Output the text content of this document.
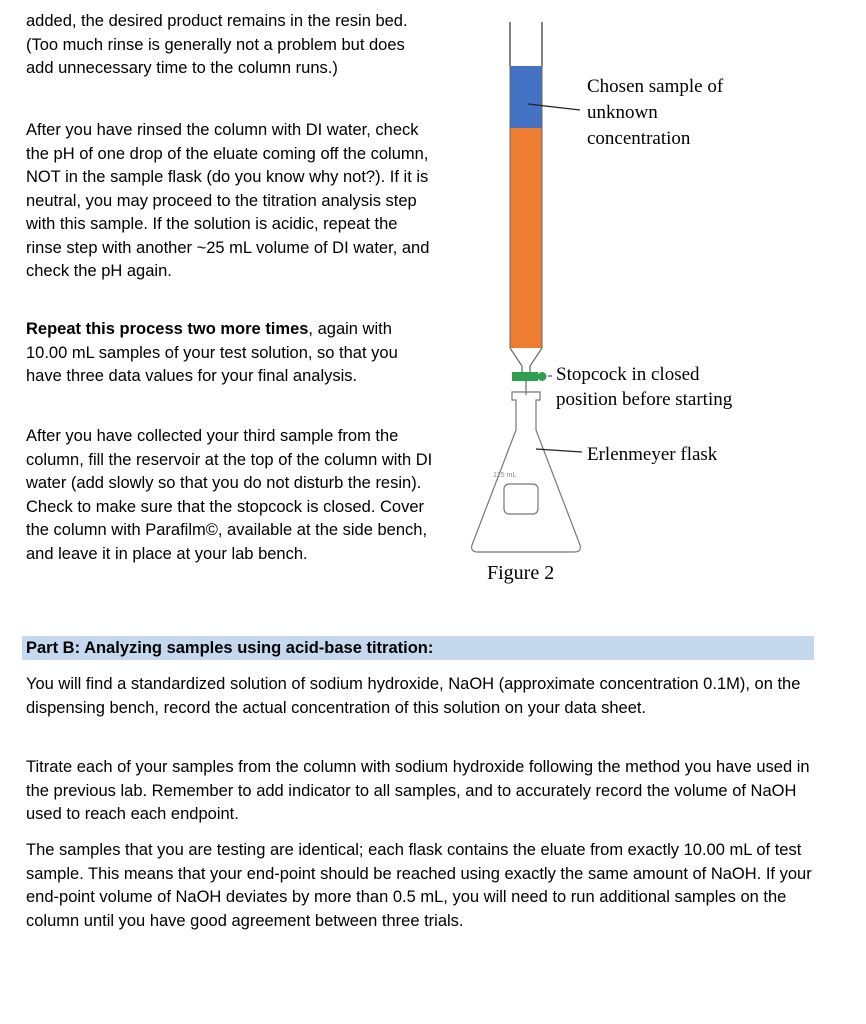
added, the desired product remains in the resin bed. (Too much rinse is generally not a problem but does add unnecessary time to the column runs.)

After you have rinsed the column with DI water, check the pH of one drop of the eluate coming off the column, NOT in the sample flask (do you know why not?). If it is neutral, you may proceed to the titration analysis step with this sample. If the solution is acidic, repeat the rinse step with another ~25 mL volume of DI water, and check the pH again.

Repeat this process two more times, again with 10.00 mL samples of your test solution, so that you have three data values for your final analysis.

After you have collected your third sample from the column, fill the reservoir at the top of the column with DI water (add slowly so that you do not disturb the resin). Check to make sure that the stopcock is closed. Cover the column with Parafilm©, available at the side bench, and leave it in place at your lab bench.

125 mL
Chosen sample of
unknown
concentration
Stopcock in closed
position before starting
Erlenmeyer flask
Figure 2
Part B: Analyzing samples using acid-base titration:

You will find a standardized solution of sodium hydroxide, NaOH (approximate concentration 0.1M), on the dispensing bench, record the actual concentration of this solution on your data sheet.

Titrate each of your samples from the column with sodium hydroxide following the method you have used in the previous lab. Remember to add indicator to all samples, and to accurately record the volume of NaOH used to reach each endpoint.

The samples that you are testing are identical; each flask contains the eluate from exactly 10.00 mL of test sample. This means that your end-point should be reached using exactly the same amount of NaOH. If your end-point volume of NaOH deviates by more than 0.5 mL, you will need to run additional samples on the column until you have good agreement between three trials.
